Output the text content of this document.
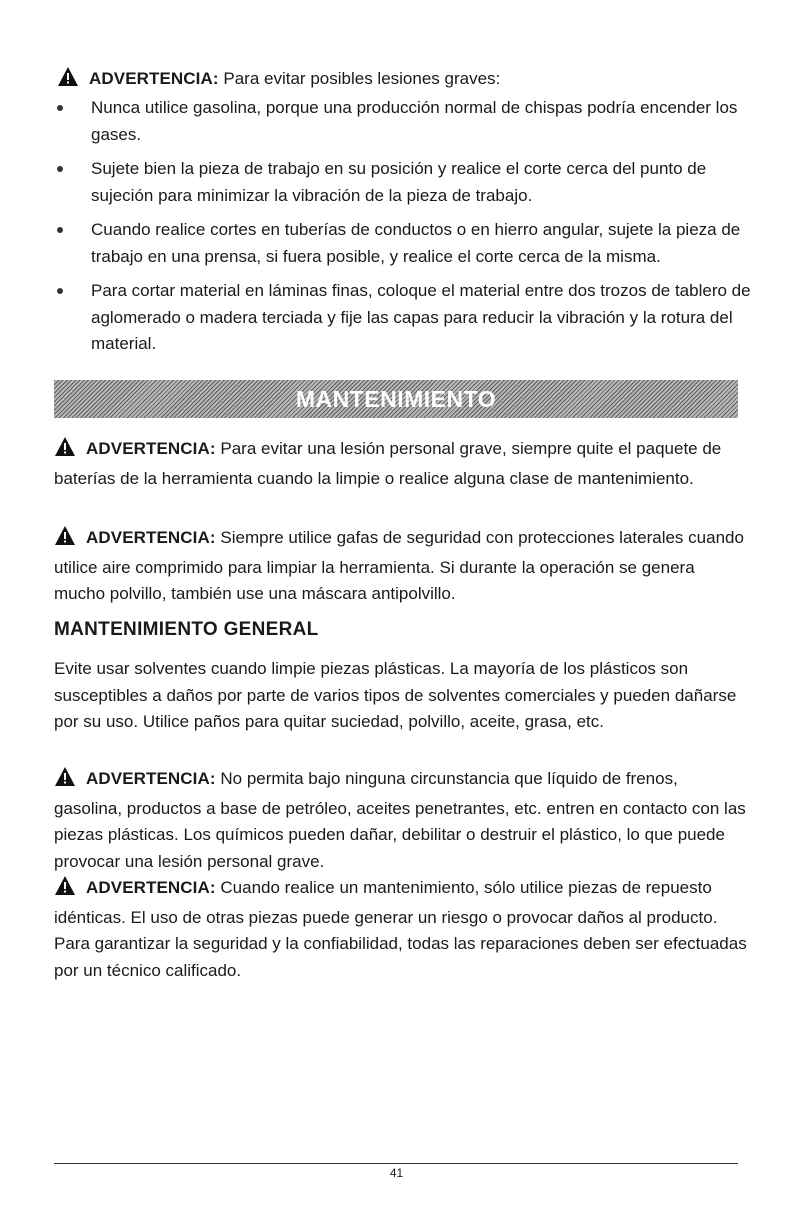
ADVERTENCIA: Para evitar posibles lesiones graves:

Nunca utilice gasolina, porque una producción normal de chispas podría encender los gases.
Sujete bien la pieza de trabajo en su posición y realice el corte cerca del punto de sujeción para minimizar la vibración de la pieza de trabajo.
Cuando realice cortes en tuberías de conductos o en hierro angular, sujete la pieza de trabajo en una prensa, si fuera posible, y realice el corte cerca de la misma.
Para cortar material en láminas finas, coloque el material entre dos trozos de tablero de aglomerado o madera terciada y fije las capas para reducir la vibración y la rotura del material.
MANTENIMIENTO

ADVERTENCIA: Para evitar una lesión personal grave, siempre quite el paquete de baterías de la herramienta cuando la limpie o realice alguna clase de mantenimiento.

ADVERTENCIA: Siempre utilice gafas de seguridad con protecciones laterales cuando utilice aire comprimido para limpiar la herramienta. Si durante la operación se genera mucho polvillo, también use una máscara antipolvillo.

MANTENIMIENTO GENERAL

Evite usar solventes cuando limpie piezas plásticas. La mayoría de los plásticos son susceptibles a daños por parte de varios tipos de solventes comerciales y pueden dañarse por su uso. Utilice paños para quitar suciedad, polvillo, aceite, grasa, etc.

ADVERTENCIA: No permita bajo ninguna circunstancia que líquido de frenos, gasolina, productos a base de petróleo, aceites penetrantes, etc. entren en contacto con las piezas plásticas. Los químicos pueden dañar, debilitar o destruir el plástico, lo que puede provocar una lesión personal grave.

ADVERTENCIA: Cuando realice un mantenimiento, sólo utilice piezas de repuesto idénticas. El uso de otras piezas puede generar un riesgo o provocar daños al producto. Para garantizar la seguridad y la confiabilidad, todas las reparaciones deben ser efectuadas por un técnico calificado.

41
